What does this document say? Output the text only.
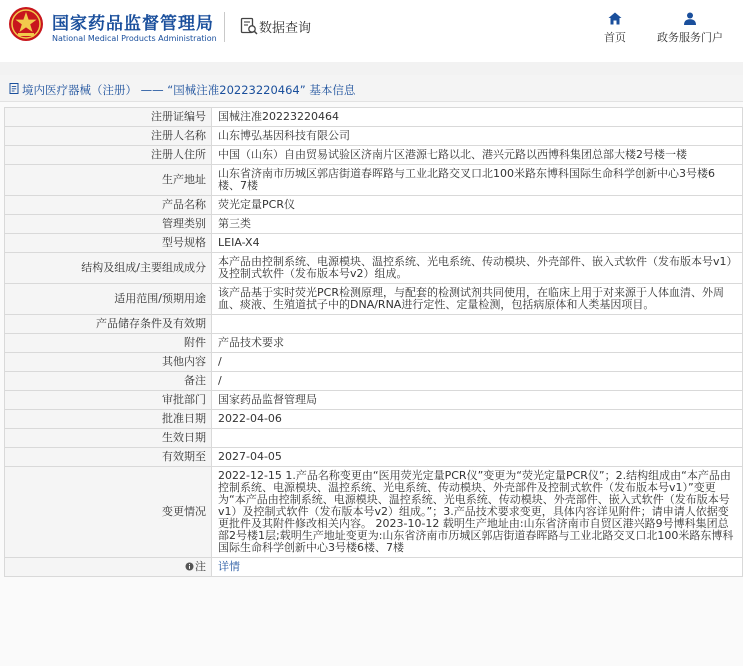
国家药品监督管理局
National Medical Products Administration
数据查询
首页	政务服务门户
境内医疗器械（注册） —— “国械注准20223220464” 基本信息
注册证编号	国械注准20223220464
注册人名称	山东博弘基因科技有限公司
注册人住所	中国（山东）自由贸易试验区济南片区港源七路以北、港兴元路以西博科集团总部大楼2号楼一楼
生产地址	山东省济南市历城区郭店街道春晖路与工业北路交叉口北100米路东博科国际生命科学创新中心3号楼6楼、7楼
产品名称	荧光定量PCR仪
管理类别	第三类
型号规格	LEIA-X4
结构及组成/主要组成成分	本产品由控制系统、电源模块、温控系统、光电系统、传动模块、外壳部件、嵌入式软件（发布版本号v1）及控制式软件（发布版本号v2）组成。
适用范围/预期用途	该产品基于实时荧光PCR检测原理，与配套的检测试剂共同使用，在临床上用于对来源于人体血清、外周血、痰液、生殖道拭子中的DNA/RNA进行定性、定量检测，包括病原体和人类基因项目。
产品储存条件及有效期	
附件	产品技术要求
其他内容	/
备注	/
审批部门	国家药品监督管理局
批准日期	2022-04-06
生效日期	
有效期至	2027-04-05
变更情况	2022-12-15 1.产品名称变更由“医用荧光定量PCR仪”变更为“荧光定量PCR仪”；2.结构组成由“本产品由控制系统、电源模块、温控系统、光电系统、传动模块、外壳部件及控制式软件（发布版本号v1）”变更为“本产品由控制系统、电源模块、温控系统、光电系统、传动模块、外壳部件、嵌入式软件（发布版本号v1）及控制式软件（发布版本号v2）组成。”；3.产品技术要求变更，具体内容详见附件；请申请人依据变更批件及其附件修改相关内容。 2023-10-12 载明生产地址由:山东省济南市自贸区港兴路9号博科集团总部2号楼1层;载明生产地址变更为:山东省济南市历城区郭店街道春晖路与工业北路交叉口北100米路东博科国际生命科学创新中心3号楼6楼、7楼
注	详情
